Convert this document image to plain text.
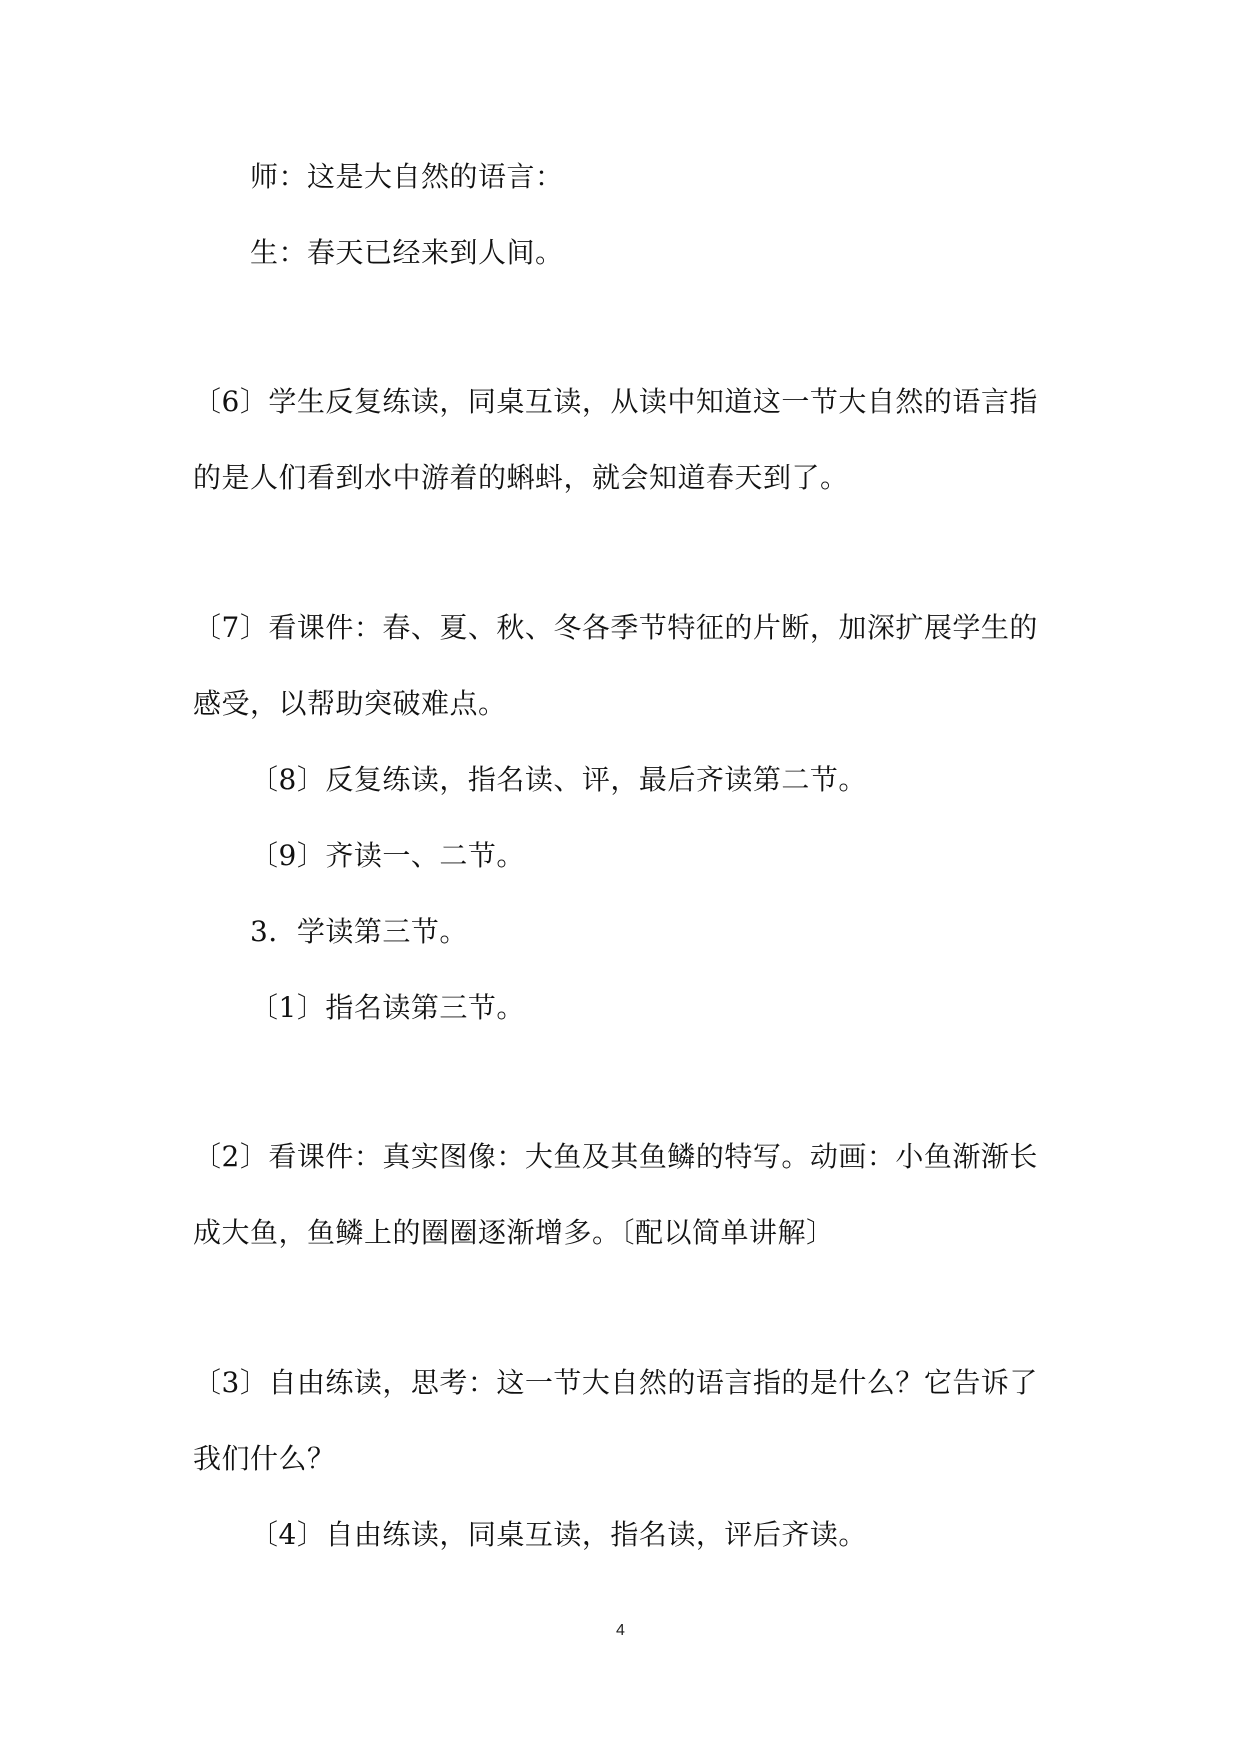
师：这是大自然的语言：
生：春天已经来到人间。
〔6〕学生反复练读，同桌互读，从读中知道这一节大自然的语言指
的是人们看到水中游着的蝌蚪，就会知道春天到了。
〔7〕看课件：春、夏、秋、冬各季节特征的片断，加深扩展学生的
感受，以帮助突破难点。
〔8〕反复练读，指名读、评，最后齐读第二节。
〔9〕齐读一、二节。
3．学读第三节。
〔1〕指名读第三节。
〔2〕看课件：真实图像：大鱼及其鱼鳞的特写。动画：小鱼渐渐长
成大鱼，鱼鳞上的圈圈逐渐增多。〔配以简单讲解〕
〔3〕自由练读，思考：这一节大自然的语言指的是什么？它告诉了
我们什么？
〔4〕自由练读，同桌互读，指名读，评后齐读。
4
